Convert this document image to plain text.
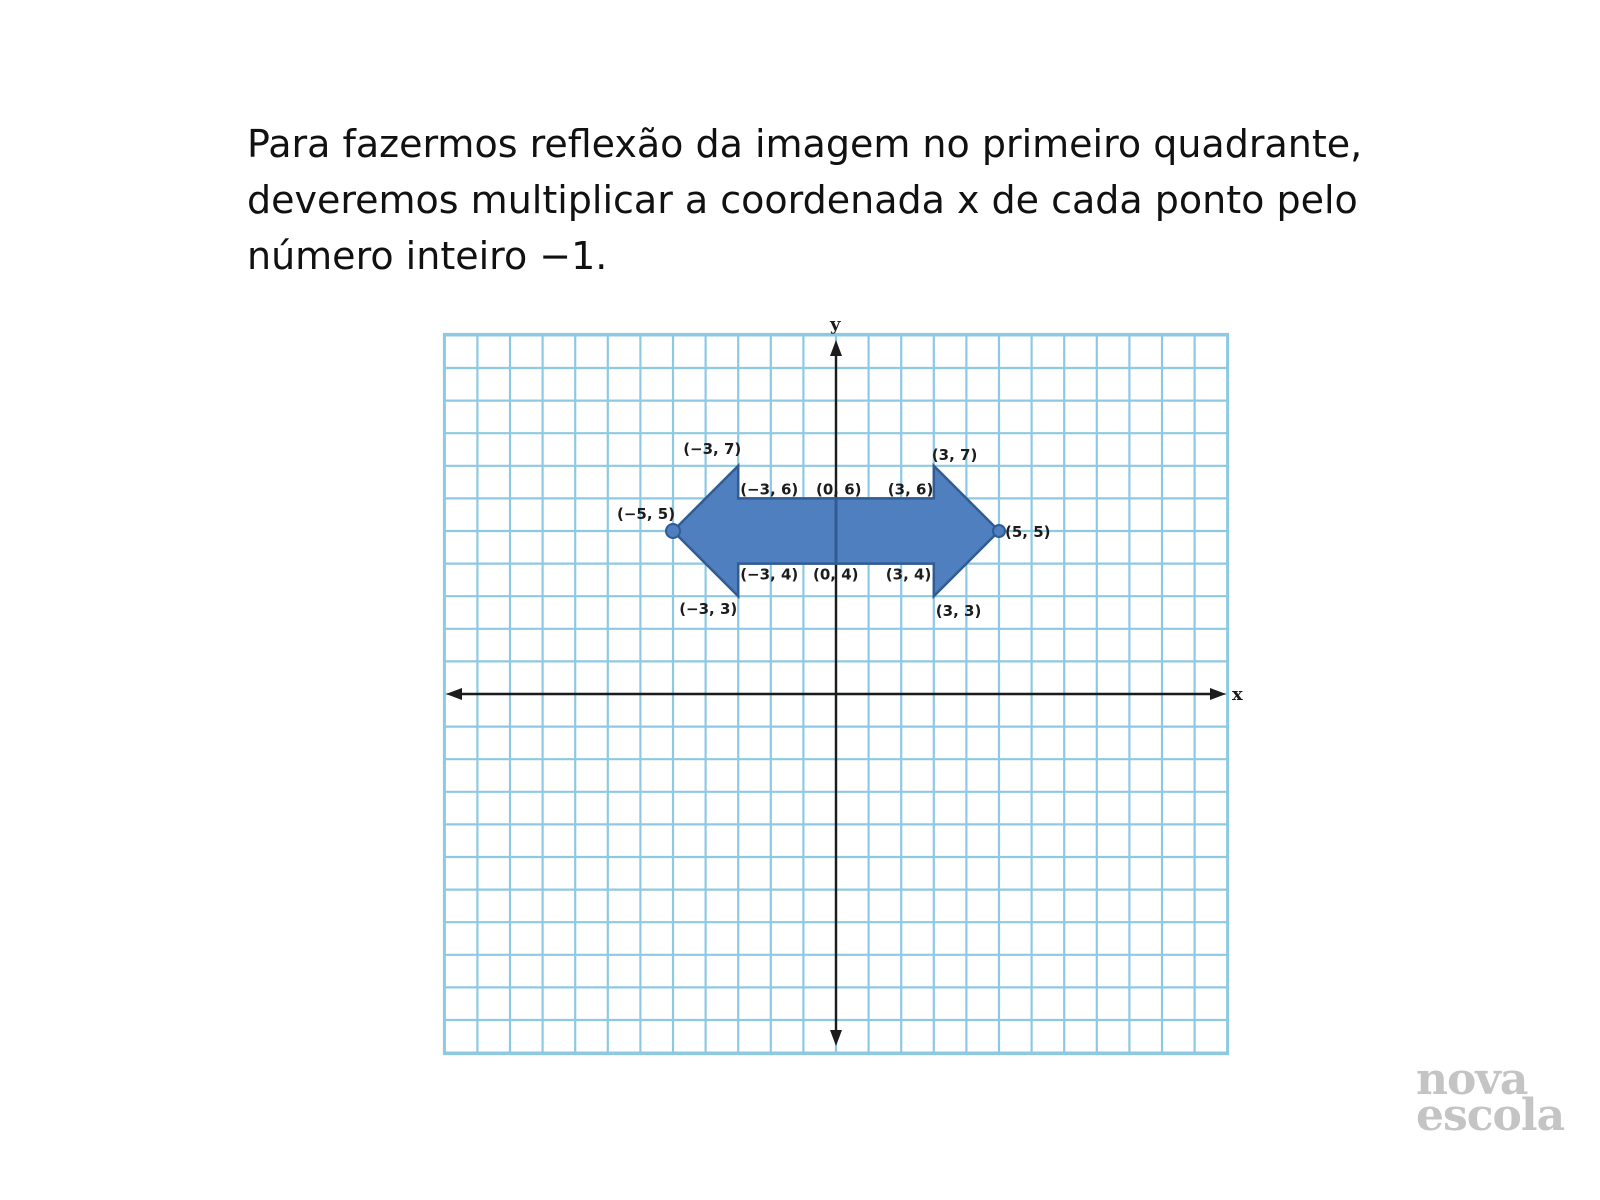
Para fazermos reflexão da imagem no primeiro quadrante,
deveremos multiplicar a coordenada x de cada ponto pelo
número inteiro −1.

x
y
(−3, 7)	(3, 7)
(−3, 6) (0, 6) (3, 6)
(−5, 5)
(5, 5)
(−3, 4) (0, 4) (3, 4)
(−3, 3)	(3, 3)
nova
escola
